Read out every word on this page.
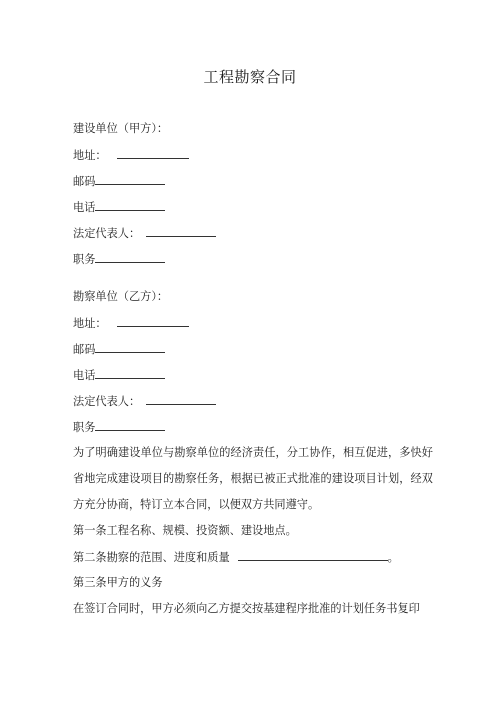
工程勘察合同
建设单位（甲方）：
地址：
邮码
电话
法定代表人：
职务
勘察单位（乙方）：
地址：
邮码
电话
法定代表人：
职务
为了明确建设单位与勘察单位的经济责任，分工协作，相互促进，多快好省地完成建设项目的勘察任务，根据已被正式批准的建设项目计划，经双方充分协商，特订立本合同，以便双方共同遵守。
第一条工程名称、规模、投资额、建设地点。
第二条勘察的范围、进度和质量	。
第三条甲方的义务
在签订合同时，甲方必须向乙方提交按基建程序批准的计划任务书复印
